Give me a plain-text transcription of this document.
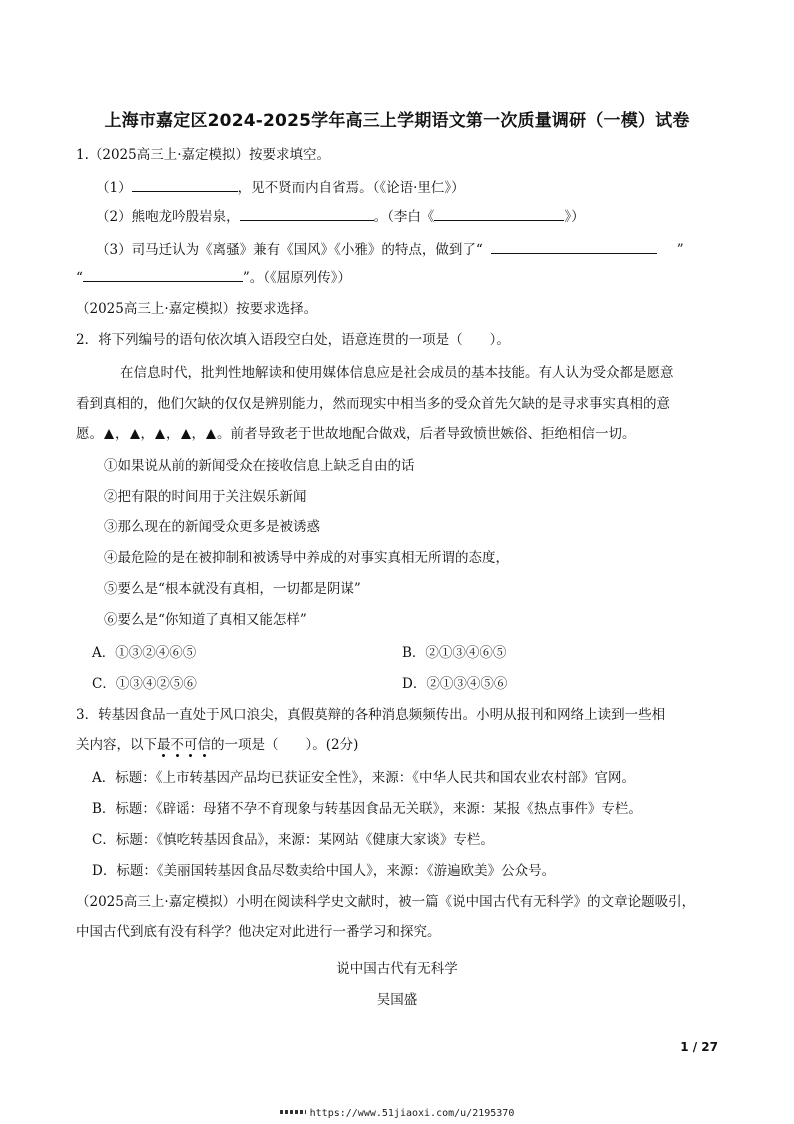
上海市嘉定区2024-2025学年高三上学期语文第一次质量调研（一模）试卷
1.（2025高三上·嘉定模拟）按要求填空。
（1）	，见不贤而内自省焉。（《论语·里仁》）
（2）熊咆龙吟殷岩泉，	。（李白《	》）
（3）司马迁认为《离骚》兼有《国风》《小雅》的特点，做到了“	”
“	”。（《屈原列传》）
（2025高三上·嘉定模拟）按要求选择。
2．将下列编号的语句依次填入语段空白处，语意连贯的一项是（　　）。
在信息时代，批判性地解读和使用媒体信息应是社会成员的基本技能。有人认为受众都是愿意
看到真相的，他们欠缺的仅仅是辨别能力，然而现实中相当多的受众首先欠缺的是寻求事实真相的意
愿。 ， ， ， ， 。前者导致老于世故地配合做戏，后者导致愤世嫉俗、拒绝相信一切。
①如果说从前的新闻受众在接收信息上缺乏自由的话
②把有限的时间用于关注娱乐新闻
③那么现在的新闻受众更多是被诱惑
④最危险的是在被抑制和被诱导中养成的对事实真相无所谓的态度，
⑤要么是“根本就没有真相，一切都是阴谋”
⑥要么是“你知道了真相又能怎样”
A．①③②④⑥⑤	B．②①③④⑥⑤
C．①③④②⑤⑥	D．②①③④⑤⑥
3．转基因食品一直处于风口浪尖，真假莫辩的各种消息频频传出。小明从报刊和网络上读到一些相
关内容，以下最不可信的一项是（　　）。(2分)
A．标题：《上市转基因产品均已获证安全性》，来源：《中华人民共和国农业农村部》官网。
B．标题：《辟谣：母猪不孕不育现象与转基因食品无关联》，来源：某报《热点事件》专栏。
C．标题：《慎吃转基因食品》，来源：某网站《健康大家谈》专栏。
D．标题：《美丽国转基因食品尽数卖给中国人》，来源：《游遍欧美》公众号。
（2025高三上·嘉定模拟）小明在阅读科学史文献时，被一篇《说中国古代有无科学》的文章论题吸引，
中国古代到底有没有科学？他决定对此进行一番学习和探究。
说中国古代有无科学
吴国盛
1 / 27
https://www.51jiaoxi.com/u/2195370
